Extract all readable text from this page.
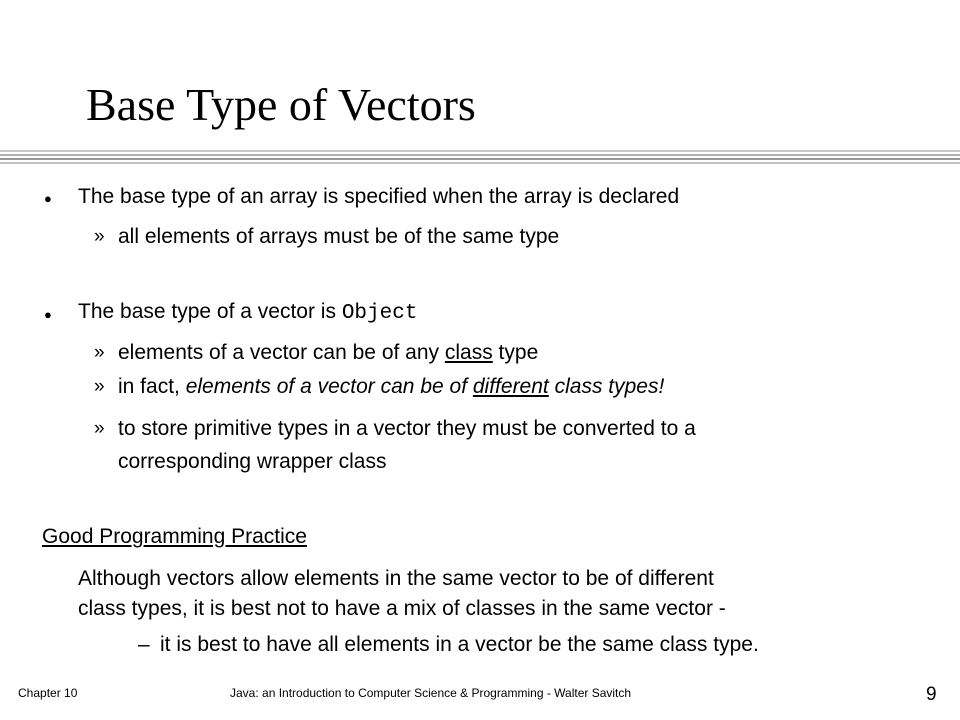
Base Type of Vectors
● The base type of an array is specified when the array is declared
» all elements of arrays must be of the same type
● The base type of a vector is Object
» elements of a vector can be of any class type
» in fact, elements of a vector can be of different class types!
» to store primitive types in a vector they must be converted to a
corresponding wrapper class
Good Programming Practice
Although vectors allow elements in the same vector to be of different
class types, it is best not to have a mix of classes in the same vector -
– it is best to have all elements in a vector be the same class type.
Chapter 10	Java: an Introduction to Computer Science & Programming - Walter Savitch	9
